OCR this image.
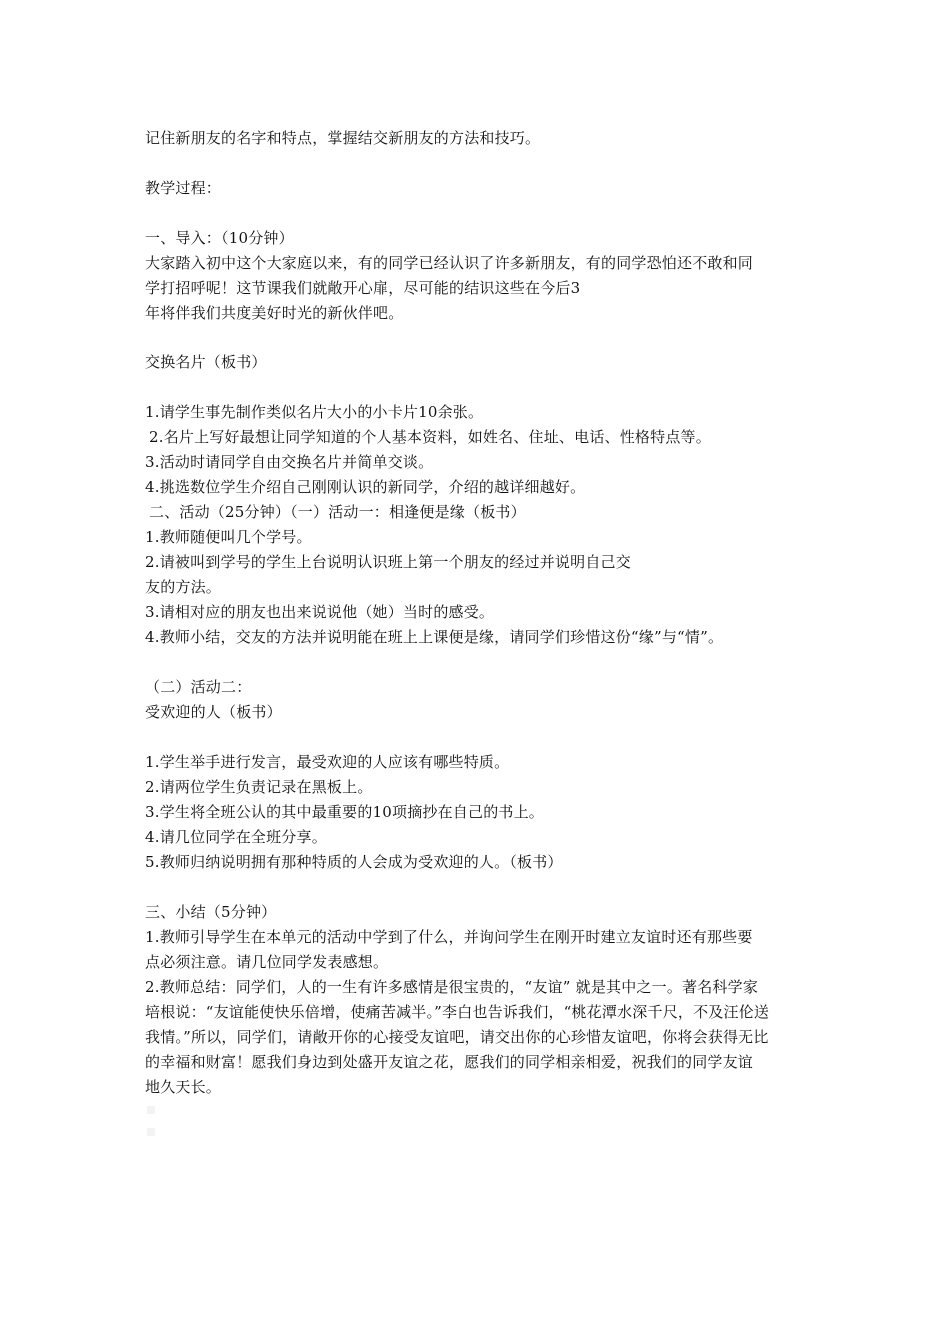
记住新朋友的名字和特点，掌握结交新朋友的方法和技巧。
教学过程：
一、导入：（10分钟）
大家踏入初中这个大家庭以来，有的同学已经认识了许多新朋友，有的同学恐怕还不敢和同
学打招呼呢！这节课我们就敞开心扉，尽可能的结识这些在今后3
年将伴我们共度美好时光的新伙伴吧。
交换名片（板书）
1.请学生事先制作类似名片大小的小卡片10余张。
2.名片上写好最想让同学知道的个人基本资料，如姓名、住址、电话、性格特点等。
3.活动时请同学自由交换名片并简单交谈。
4.挑选数位学生介绍自己刚刚认识的新同学，介绍的越详细越好。
二、活动（25分钟）（一）活动一：相逢便是缘（板书）
1.教师随便叫几个学号。
2.请被叫到学号的学生上台说明认识班上第一个朋友的经过并说明自己交
友的方法。
3.请相对应的朋友也出来说说他（她）当时的感受。
4.教师小结，交友的方法并说明能在班上上课便是缘，请同学们珍惜这份“缘”与“情”。
（二）活动二：
受欢迎的人（板书）
1.学生举手进行发言，最受欢迎的人应该有哪些特质。
2.请两位学生负责记录在黑板上。
3.学生将全班公认的其中最重要的10项摘抄在自己的书上。
4.请几位同学在全班分享。
5.教师归纳说明拥有那种特质的人会成为受欢迎的人。（板书）
三、小结（5分钟）
1.教师引导学生在本单元的活动中学到了什么，并询问学生在刚开时建立友谊时还有那些要
点必须注意。请几位同学发表感想。
2.教师总结：同学们，人的一生有许多感情是很宝贵的，“友谊” 就是其中之一。著名科学家
培根说：“友谊能使快乐倍增，使痛苦减半。”李白也告诉我们，“桃花潭水深千尺，不及汪伦送
我情。”所以，同学们，请敞开你的心接受友谊吧，请交出你的心珍惜友谊吧，你将会获得无比
的幸福和财富！愿我们身边到处盛开友谊之花，愿我们的同学相亲相爱，祝我们的同学友谊
地久天长。
